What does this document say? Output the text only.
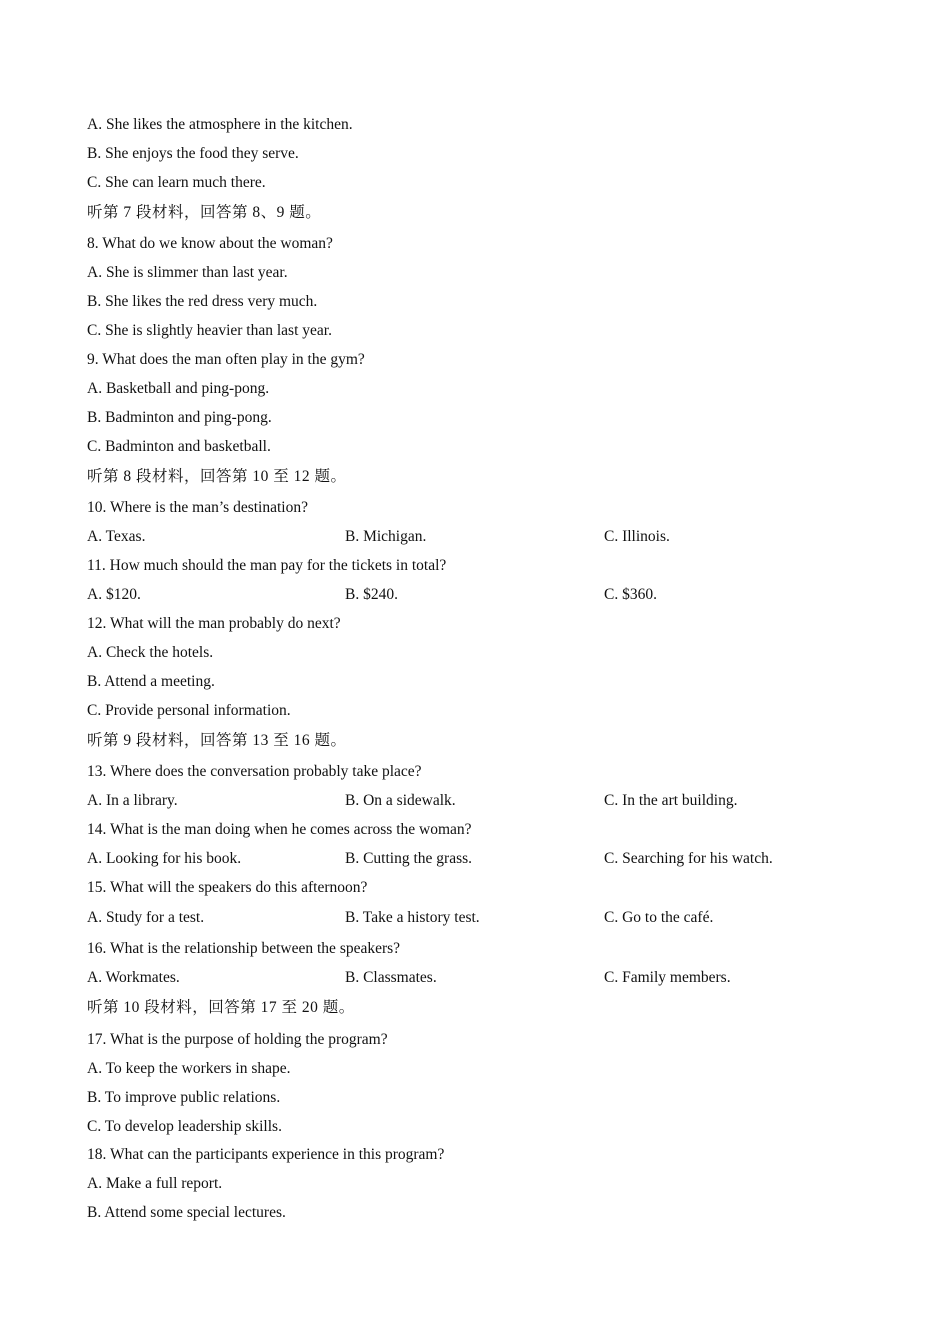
A. She likes the atmosphere in the kitchen.
B. She enjoys the food they serve.
C. She can learn much there.
听第 7 段材料，回答第 8、9 题。
8. What do we know about the woman?
A. She is slimmer than last year.
B. She likes the red dress very much.
C. She is slightly heavier than last year.
9. What does the man often play in the gym?
A. Basketball and ping-pong.
B. Badminton and ping-pong.
C. Badminton and basketball.
听第 8 段材料，回答第 10 至 12 题。
10. Where is the man’s destination?
A. Texas.	B. Michigan.	C. Illinois.
11. How much should the man pay for the tickets in total?
A. $120.	B. $240.	C. $360.
12. What will the man probably do next?
A. Check the hotels.
B. Attend a meeting.
C. Provide personal information.
听第 9 段材料，回答第 13 至 16 题。
13. Where does the conversation probably take place?
A. In a library.	B. On a sidewalk.	C. In the art building.
14. What is the man doing when he comes across the woman?
A. Looking for his book.	B. Cutting the grass.	C. Searching for his watch.
15. What will the speakers do this afternoon?
A. Study for a test.	B. Take a history test.	C. Go to the café.
16. What is the relationship between the speakers?
A. Workmates.	B. Classmates.	C. Family members.
听第 10 段材料，回答第 17 至 20 题。
17. What is the purpose of holding the program?
A. To keep the workers in shape.
B. To improve public relations.
C. To develop leadership skills.
18. What can the participants experience in this program?
A. Make a full report.
B. Attend some special lectures.
